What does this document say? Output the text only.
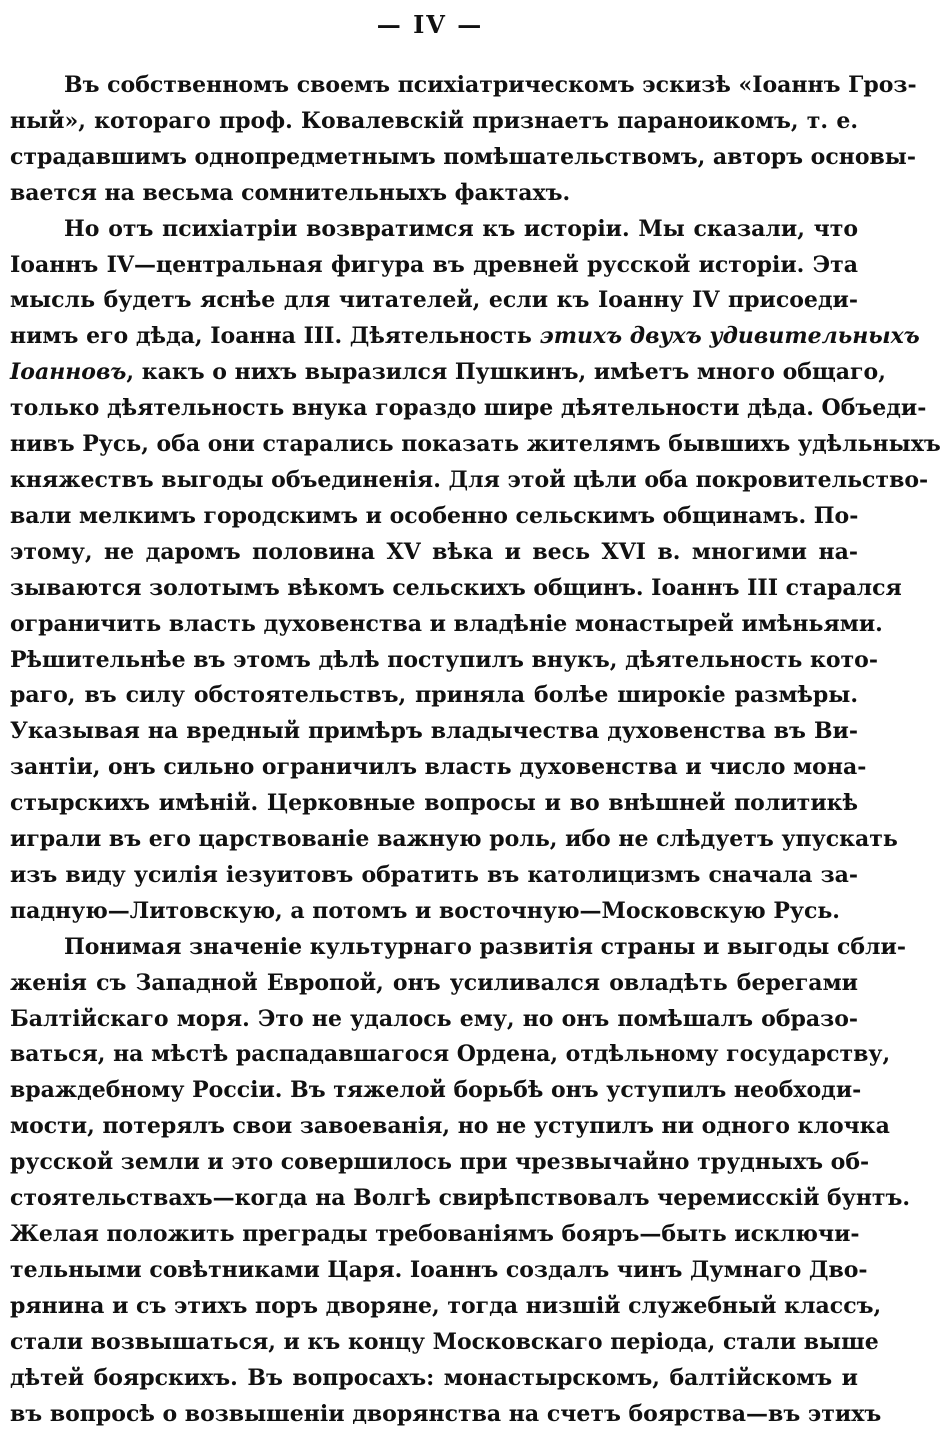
— IV —
Въ собственномъ своемъ психіатрическомъ эскизѣ «Іоаннъ Гроз-
ный», котораго проф. Ковалевскій признаетъ параноикомъ, т. е.
страдавшимъ однопредметнымъ помѣшательствомъ, авторъ основы-
вается на весьма сомнительныхъ фактахъ.
Но отъ психіатріи возвратимся къ исторіи. Мы сказали, что
Іоаннъ IV—центральная фигура въ древней русской исторіи. Эта
мысль будетъ яснѣе для читателей, если къ Іоанну IV присоеди-
нимъ его дѣда, Іоанна III. Дѣятельность этихъ двухъ удивительныхъ
Іоанновъ, какъ о нихъ выразился Пушкинъ, имѣетъ много общаго,
только дѣятельность внука гораздо шире дѣятельности дѣда. Объеди-
нивъ Русь, оба они старались показать жителямъ бывшихъ удѣльныхъ
княжествъ выгоды объединенія. Для этой цѣли оба покровительство-
вали мелкимъ городскимъ и особенно сельскимъ общинамъ. По-
этому, не даромъ половина XV вѣка и весь XVI в. многими на-
зываются золотымъ вѣкомъ сельскихъ общинъ. Іоаннъ III старался
ограничить власть духовенства и владѣніе монастырей имѣньями.
Рѣшительнѣе въ этомъ дѣлѣ поступилъ внукъ, дѣятельность кото-
раго, въ силу обстоятельствъ, приняла болѣе широкіе размѣры.
Указывая на вредный примѣръ владычества духовенства въ Ви-
зантіи, онъ сильно ограничилъ власть духовенства и число мона-
стырскихъ имѣній. Церковные вопросы и во внѣшней политикѣ
играли въ его царствованіе важную роль, ибо не слѣдуетъ упускать
изъ виду усилія іезуитовъ обратить въ католицизмъ сначала за-
падную—Литовскую, а потомъ и восточную—Московскую Русь.
Понимая значеніе культурнаго развитія страны и выгоды сбли-
женія съ Западной Европой, онъ усиливался овладѣть берегами
Балтійскаго моря. Это не удалось ему, но онъ помѣшалъ образо-
ваться, на мѣстѣ распадавшагося Ордена, отдѣльному государству,
враждебному Россіи. Въ тяжелой борьбѣ онъ уступилъ необходи-
мости, потерялъ свои завоеванія, но не уступилъ ни одного клочка
русской земли и это совершилось при чрезвычайно трудныхъ об-
стоятельствахъ—когда на Волгѣ свирѣпствовалъ черемисскій бунтъ.
Желая положить преграды требованіямъ бояръ—быть исключи-
тельными совѣтниками Царя. Іоаннъ создалъ чинъ Думнаго Дво-
рянина и съ этихъ поръ дворяне, тогда низшій служебный классъ,
стали возвышаться, и къ концу Московскаго періода, стали выше
дѣтей боярскихъ. Въ вопросахъ: монастырскомъ, балтійскомъ и
въ вопросѣ о возвышеніи дворянства на счетъ боярства—въ этихъ
